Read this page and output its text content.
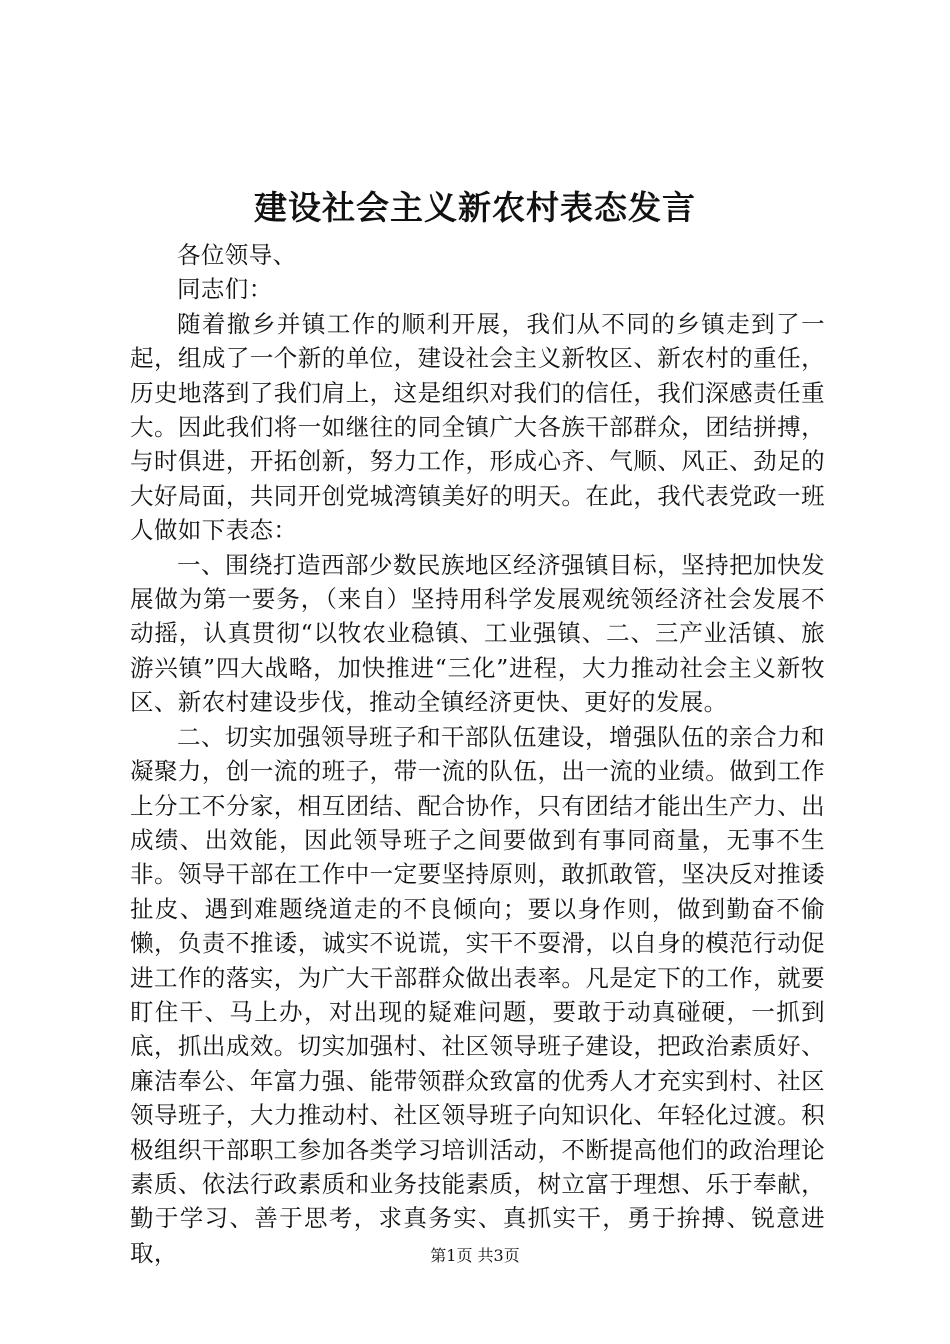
建设社会主义新农村表态发言

各位领导、

同志们：

随着撤乡并镇工作的顺利开展，我们从不同的乡镇走到了一起，组成了一个新的单位，建设社会主义新牧区、新农村的重任，历史地落到了我们肩上，这是组织对我们的信任，我们深感责任重大。因此我们将一如继往的同全镇广大各族干部群众，团结拼搏，与时俱进，开拓创新，努力工作，形成心齐、气顺、风正、劲足的大好局面，共同开创党城湾镇美好的明天。在此，我代表党政一班人做如下表态：

一、围绕打造西部少数民族地区经济强镇目标，坚持把加快发展做为第一要务，（来自）坚持用科学发展观统领经济社会发展不动摇，认真贯彻“以牧农业稳镇、工业强镇、二、三产业活镇、旅游兴镇”四大战略，加快推进“三化”进程，大力推动社会主义新牧区、新农村建设步伐，推动全镇经济更快、更好的发展。

二、切实加强领导班子和干部队伍建设，增强队伍的亲合力和凝聚力，创一流的班子，带一流的队伍，出一流的业绩。做到工作上分工不分家，相互团结、配合协作，只有团结才能出生产力、出成绩、出效能，因此领导班子之间要做到有事同商量，无事不生非。领导干部在工作中一定要坚持原则，敢抓敢管，坚决反对推诿扯皮、遇到难题绕道走的不良倾向；要以身作则，做到勤奋不偷懒，负责不推诿，诚实不说谎，实干不耍滑，以自身的模范行动促进工作的落实，为广大干部群众做出表率。凡是定下的工作，就要盯住干、马上办，对出现的疑难问题，要敢于动真碰硬，一抓到底，抓出成效。切实加强村、社区领导班子建设，把政治素质好、廉洁奉公、年富力强、能带领群众致富的优秀人才充实到村、社区领导班子，大力推动村、社区领导班子向知识化、年轻化过渡。积极组织干部职工参加各类学习培训活动，不断提高他们的政治理论素质、依法行政素质和业务技能素质，树立富于理想、乐于奉献，勤于学习、善于思考，求真务实、真抓实干，勇于拚搏、锐意进取，	第1页 共3页
